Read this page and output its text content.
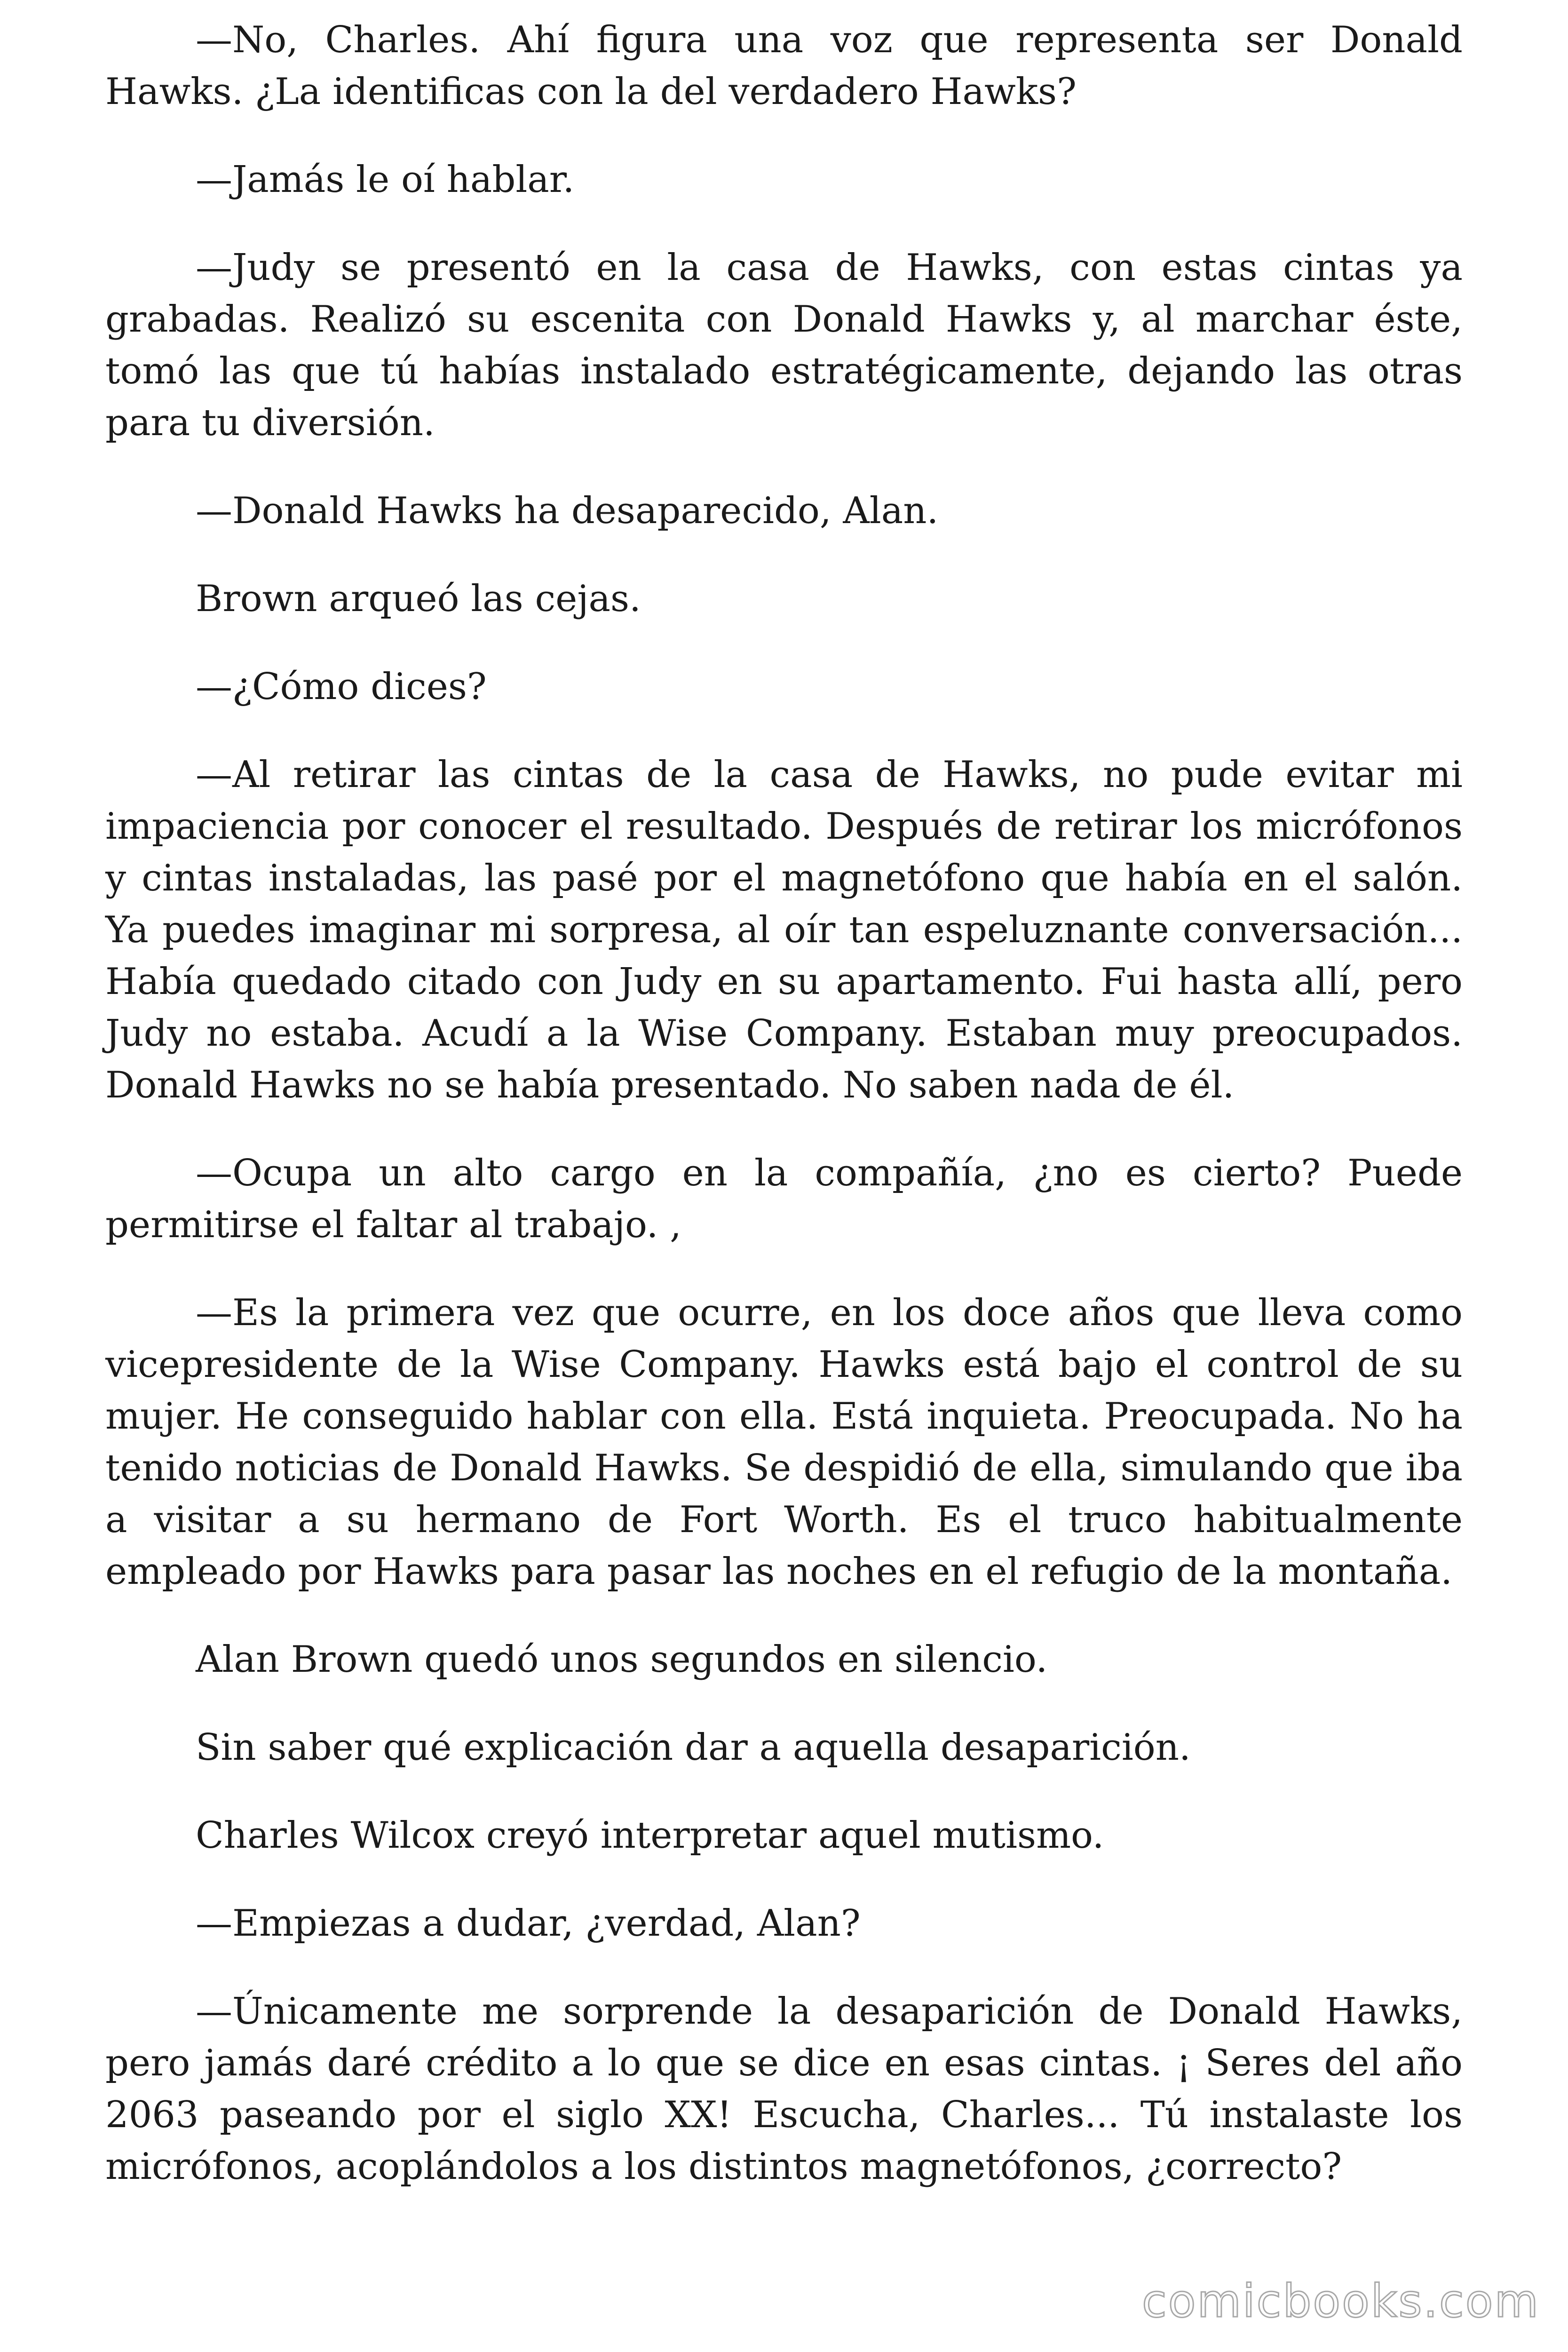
—No, Charles. Ahí figura una voz que representa ser Donald Hawks. ¿La identificas con la del verdadero Hawks?

—Jamás le oí hablar.

—Judy se presentó en la casa de Hawks, con estas cintas ya grabadas. Realizó su escenita con Donald Hawks y, al marchar éste, tomó las que tú habías instalado estratégicamente, dejando las otras para tu diversión.

—Donald Hawks ha desaparecido, Alan.

Brown arqueó las cejas.

—¿Cómo dices?

—Al retirar las cintas de la casa de Hawks, no pude evitar mi impaciencia por conocer el resultado. Después de retirar los micrófonos y cintas instaladas, las pasé por el magnetófono que había en el salón. Ya puedes imaginar mi sorpresa, al oír tan espeluznante conversación... Había quedado citado con Judy en su apartamento. Fui hasta allí, pero Judy no estaba. Acudí a la Wise Company. Estaban muy preocupados. Donald Hawks no se había presentado. No saben nada de él.

—Ocupa un alto cargo en la compañía, ¿no es cierto? Puede permitirse el faltar al trabajo. ,

—Es la primera vez que ocurre, en los doce años que lleva como vicepresidente de la Wise Company. Hawks está bajo el control de su mujer. He conseguido hablar con ella. Está inquieta. Preocupada. No ha tenido noticias de Donald Hawks. Se despidió de ella, simulando que iba a visitar a su hermano de Fort Worth. Es el truco habitualmente empleado por Hawks para pasar las noches en el refugio de la montaña.

Alan Brown quedó unos segundos en silencio.

Sin saber qué explicación dar a aquella desaparición.

Charles Wilcox creyó interpretar aquel mutismo.

—Empiezas a dudar, ¿verdad, Alan?

—Únicamente me sorprende la desaparición de Donald Hawks, pero jamás daré crédito a lo que se dice en esas cintas. ¡ Seres del año 2063 paseando por el siglo XX! Escucha, Charles... Tú instalaste los micrófonos, acoplándolos a los distintos magnetófonos, ¿correcto?

comicbooks.com
